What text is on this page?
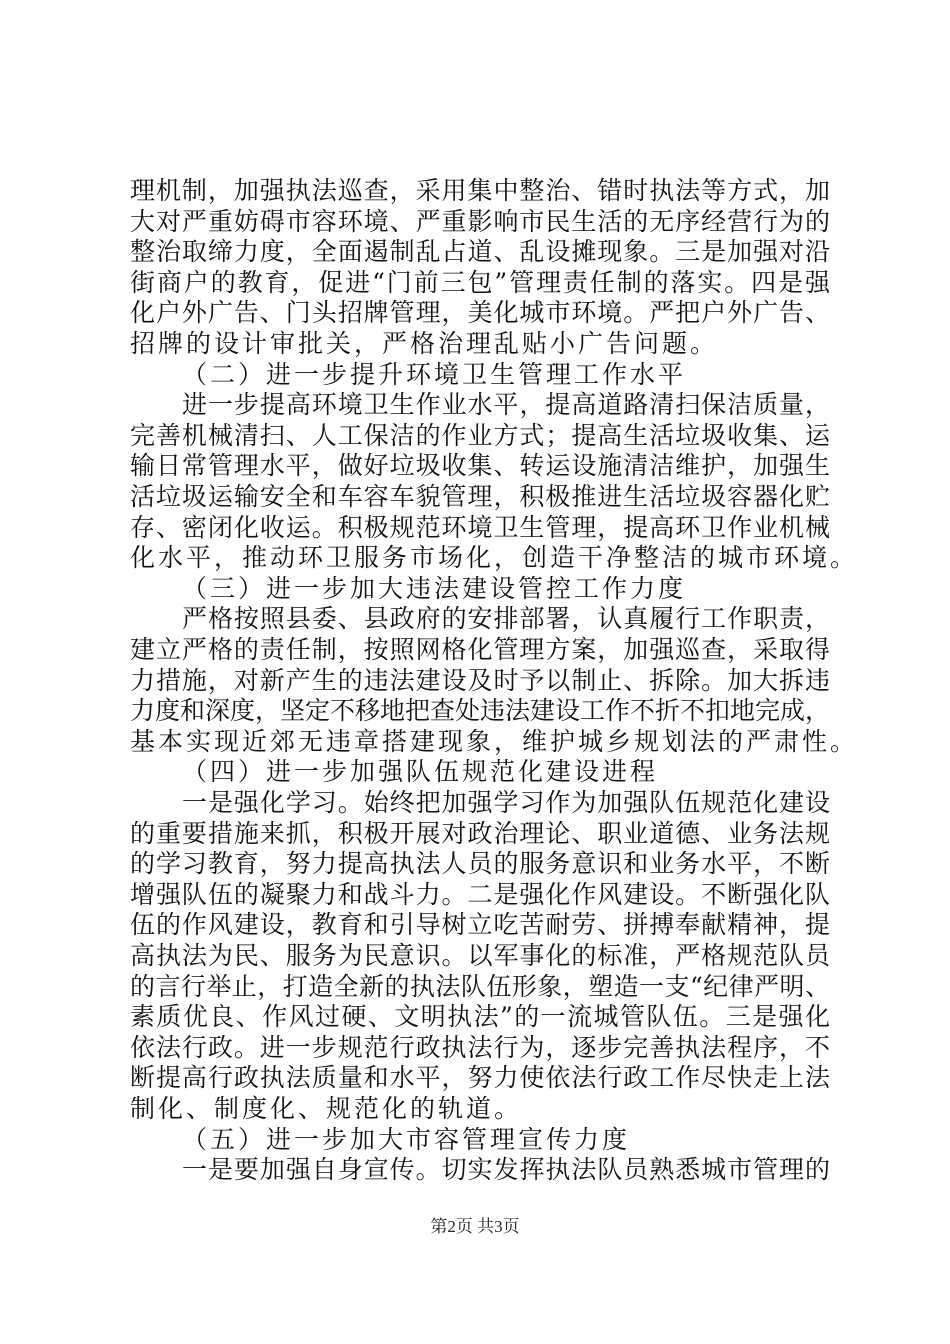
理机制，加强执法巡查，采用集中整治、错时执法等方式，加
大对严重妨碍市容环境、严重影响市民生活的无序经营行为的
整治取缔力度，全面遏制乱占道、乱设摊现象。三是加强对沿
街商户的教育，促进“门前三包”管理责任制的落实。四是强
化户外广告、门头招牌管理，美化城市环境。严把户外广告、
招牌的设计审批关，严格治理乱贴小广告问题。
（二）进一步提升环境卫生管理工作水平
进一步提高环境卫生作业水平，提高道路清扫保洁质量，
完善机械清扫、人工保洁的作业方式；提高生活垃圾收集、运
输日常管理水平，做好垃圾收集、转运设施清洁维护，加强生
活垃圾运输安全和车容车貌管理，积极推进生活垃圾容器化贮
存、密闭化收运。积极规范环境卫生管理，提高环卫作业机械
化水平，推动环卫服务市场化，创造干净整洁的城市环境。
（三）进一步加大违法建设管控工作力度
严格按照县委、县政府的安排部署，认真履行工作职责，
建立严格的责任制，按照网格化管理方案，加强巡查，采取得
力措施，对新产生的违法建设及时予以制止、拆除。加大拆违
力度和深度，坚定不移地把查处违法建设工作不折不扣地完成，
基本实现近郊无违章搭建现象，维护城乡规划法的严肃性。
（四）进一步加强队伍规范化建设进程
一是强化学习。始终把加强学习作为加强队伍规范化建设
的重要措施来抓，积极开展对政治理论、职业道德、业务法规
的学习教育，努力提高执法人员的服务意识和业务水平，不断
增强队伍的凝聚力和战斗力。二是强化作风建设。不断强化队
伍的作风建设，教育和引导树立吃苦耐劳、拼搏奉献精神，提
高执法为民、服务为民意识。以军事化的标准，严格规范队员
的言行举止，打造全新的执法队伍形象，塑造一支“纪律严明、
素质优良、作风过硬、文明执法”的一流城管队伍。三是强化
依法行政。进一步规范行政执法行为，逐步完善执法程序，不
断提高行政执法质量和水平，努力使依法行政工作尽快走上法
制化、制度化、规范化的轨道。
（五）进一步加大市容管理宣传力度
一是要加强自身宣传。切实发挥执法队员熟悉城市管理的
第2页 共3页
